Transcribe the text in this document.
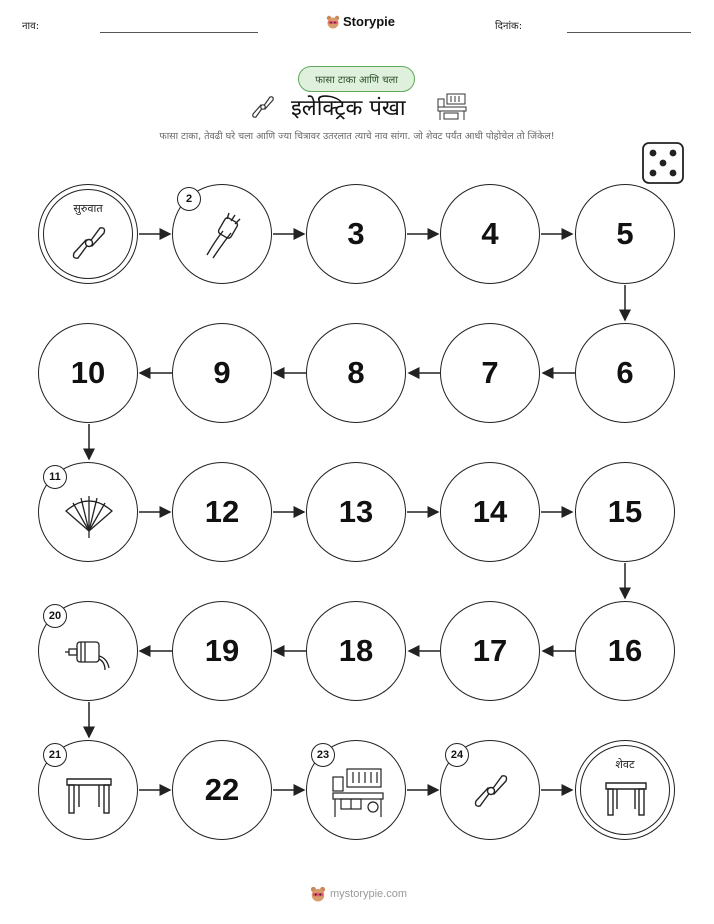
नाव:	Storypie	दिनांक:
फासा टाका आणि चला
इलेक्ट्रिक पंखा
फासा टाका, तेवढी घरे चला आणि ज्या चित्रावर उतरलात त्याचे नाव सांगा. जो शेवट पर्यंत आधी पोहोचेल तो जिंकेल!
सुरुवात
2
3	4	5
6
7
8
9
10
11
12	13	14	15
16
17
18
19
20
21
22
23	24
शेवट
mystorypie.com
